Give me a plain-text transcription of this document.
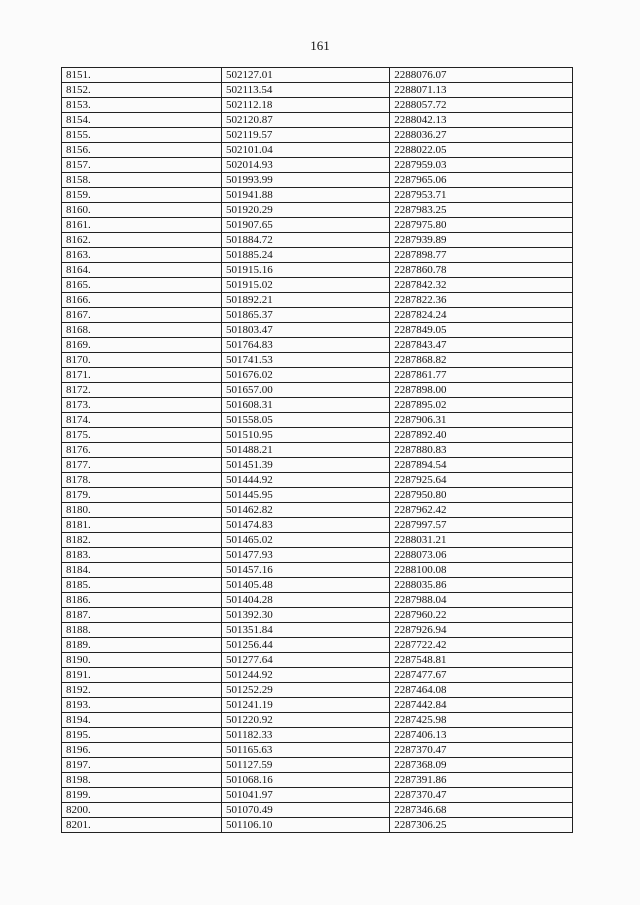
161
8151.	502127.01	2288076.07
8152.	502113.54	2288071.13
8153.	502112.18	2288057.72
8154.	502120.87	2288042.13
8155.	502119.57	2288036.27
8156.	502101.04	2288022.05
8157.	502014.93	2287959.03
8158.	501993.99	2287965.06
8159.	501941.88	2287953.71
8160.	501920.29	2287983.25
8161.	501907.65	2287975.80
8162.	501884.72	2287939.89
8163.	501885.24	2287898.77
8164.	501915.16	2287860.78
8165.	501915.02	2287842.32
8166.	501892.21	2287822.36
8167.	501865.37	2287824.24
8168.	501803.47	2287849.05
8169.	501764.83	2287843.47
8170.	501741.53	2287868.82
8171.	501676.02	2287861.77
8172.	501657.00	2287898.00
8173.	501608.31	2287895.02
8174.	501558.05	2287906.31
8175.	501510.95	2287892.40
8176.	501488.21	2287880.83
8177.	501451.39	2287894.54
8178.	501444.92	2287925.64
8179.	501445.95	2287950.80
8180.	501462.82	2287962.42
8181.	501474.83	2287997.57
8182.	501465.02	2288031.21
8183.	501477.93	2288073.06
8184.	501457.16	2288100.08
8185.	501405.48	2288035.86
8186.	501404.28	2287988.04
8187.	501392.30	2287960.22
8188.	501351.84	2287926.94
8189.	501256.44	2287722.42
8190.	501277.64	2287548.81
8191.	501244.92	2287477.67
8192.	501252.29	2287464.08
8193.	501241.19	2287442.84
8194.	501220.92	2287425.98
8195.	501182.33	2287406.13
8196.	501165.63	2287370.47
8197.	501127.59	2287368.09
8198.	501068.16	2287391.86
8199.	501041.97	2287370.47
8200.	501070.49	2287346.68
8201.	501106.10	2287306.25
